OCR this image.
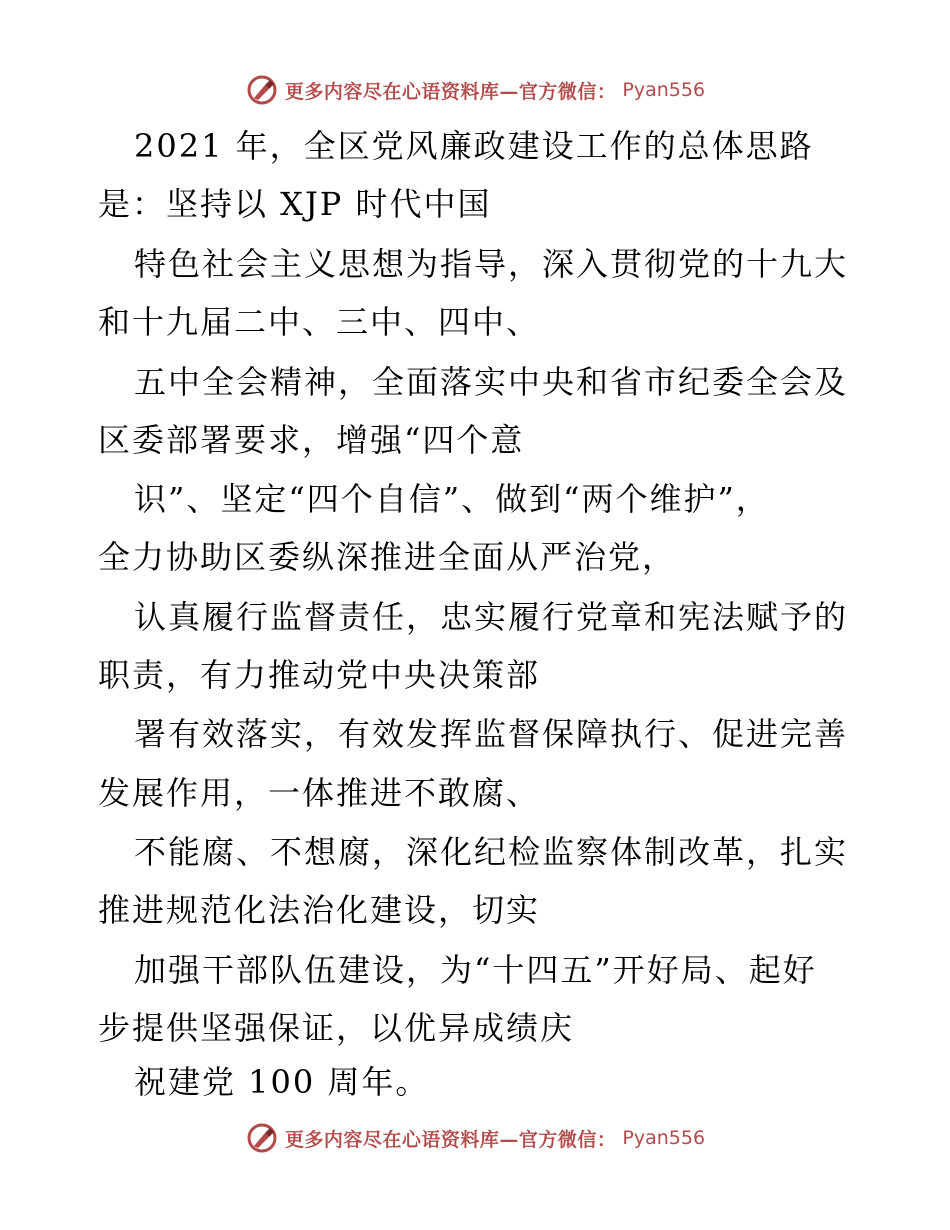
更多内容尽在心语资料库—官方微信： Pyan556
2021 年，全区党风廉政建设工作的总体思路
是：坚持以 XJP 时代中国
特色社会主义思想为指导，深入贯彻党的十九大
和十九届二中、三中、四中、
五中全会精神，全面落实中央和省市纪委全会及
区委部署要求，增强“四个意
识”、坚定“四个自信”、做到“两个维护”，
全力协助区委纵深推进全面从严治党，
认真履行监督责任，忠实履行党章和宪法赋予的
职责，有力推动党中央决策部
署有效落实，有效发挥监督保障执行、促进完善
发展作用，一体推进不敢腐、
不能腐、不想腐，深化纪检监察体制改革，扎实
推进规范化法治化建设，切实
加强干部队伍建设，为“十四五”开好局、起好
步提供坚强保证，以优异成绩庆
祝建党 100 周年。
更多内容尽在心语资料库—官方微信： Pyan556
